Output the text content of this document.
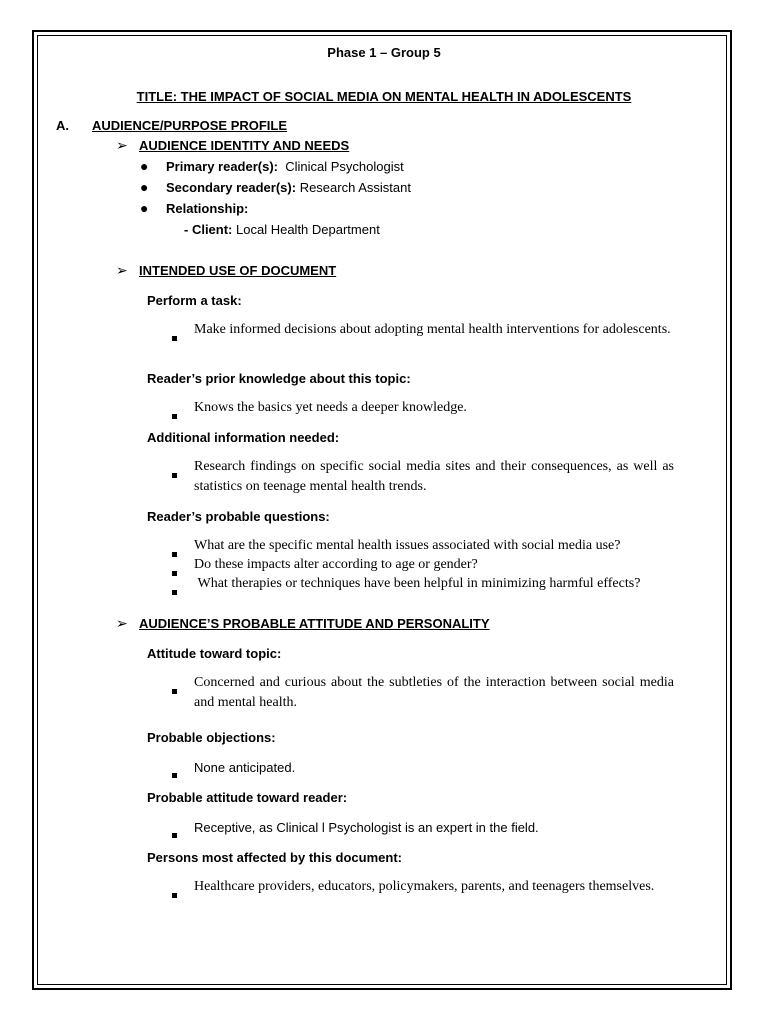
Phase 1 – Group 5
TITLE: THE IMPACT OF SOCIAL MEDIA ON MENTAL HEALTH IN ADOLESCENTS
A. AUDIENCE/PURPOSE PROFILE
➢ AUDIENCE IDENTITY AND NEEDS
● Primary reader(s): Clinical Psychologist
● Secondary reader(s): Research Assistant
● Relationship:
- Client: Local Health Department
➢ INTENDED USE OF DOCUMENT
Perform a task:
Make informed decisions about adopting mental health interventions for adolescents.
Reader’s prior knowledge about this topic:
Knows the basics yet needs a deeper knowledge.
Additional information needed:
Research findings on specific social media sites and their consequences, as well as statistics on teenage mental health trends.
Reader’s probable questions:
What are the specific mental health issues associated with social media use?
Do these impacts alter according to age or gender?
What therapies or techniques have been helpful in minimizing harmful effects?
➢ AUDIENCE’S PROBABLE ATTITUDE AND PERSONALITY
Attitude toward topic:
Concerned and curious about the subtleties of the interaction between social media and mental health.
Probable objections:
None anticipated.
Probable attitude toward reader:
Receptive, as Clinical l Psychologist is an expert in the field.
Persons most affected by this document:
Healthcare providers, educators, policymakers, parents, and teenagers themselves.
